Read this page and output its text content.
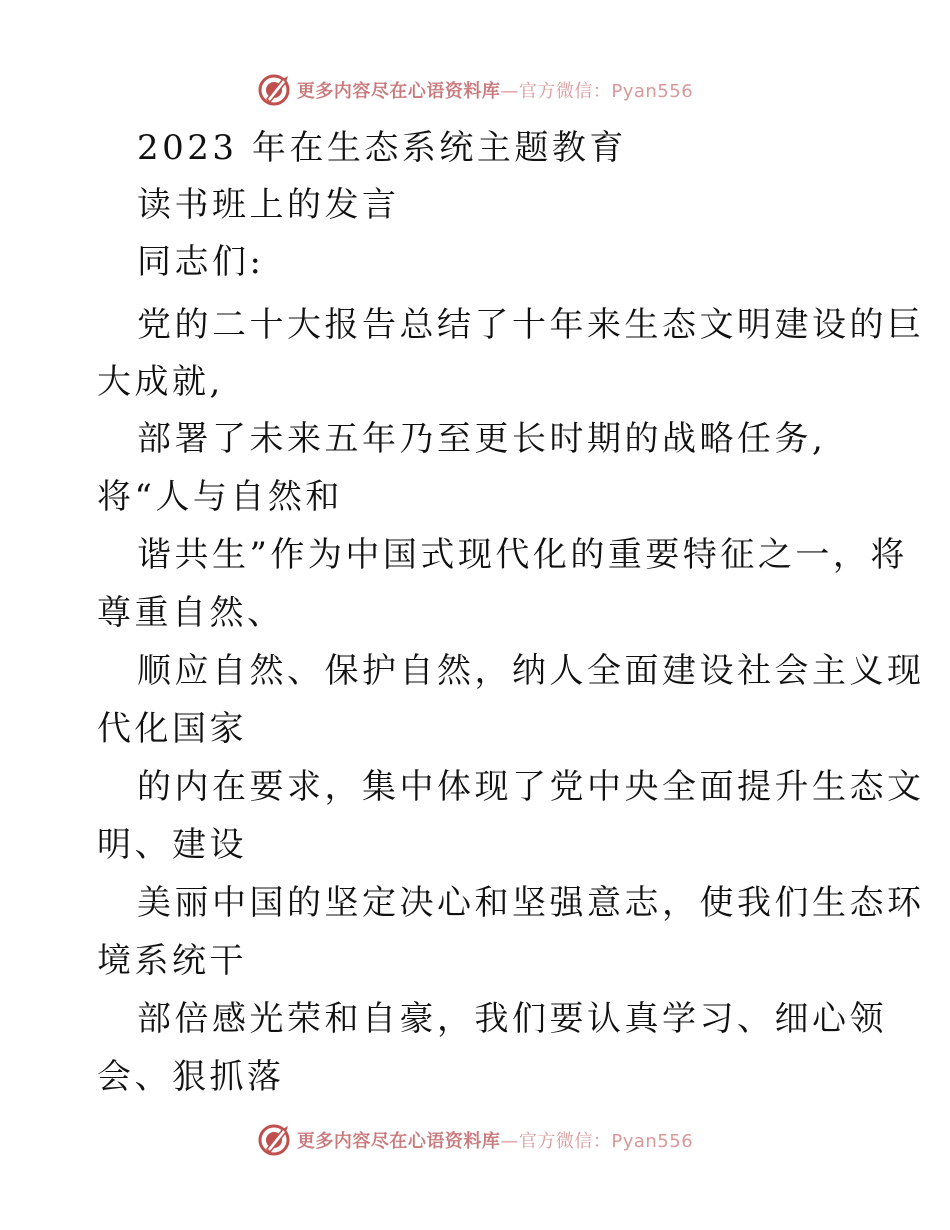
更多内容尽在心语资料库—官方微信：Pyan556
2023 年在生态系统主题教育
读书班上的发言
同志们:
党的二十大报告总结了十年来生态文明建设的巨
大成就,
部署了未来五年乃至更长时期的战略任务,
将“人与自然和
谐共生”作为中国式现代化的重要特征之一，将
尊重自然、
顺应自然、保护自然，纳人全面建设社会主义现
代化国家
的内在要求，集中体现了党中央全面提升生态文
明、建设
美丽中国的坚定决心和坚强意志，使我们生态环
境系统干
部倍感光荣和自豪，我们要认真学习、细心领
会、狠抓落
更多内容尽在心语资料库—官方微信：Pyan556
